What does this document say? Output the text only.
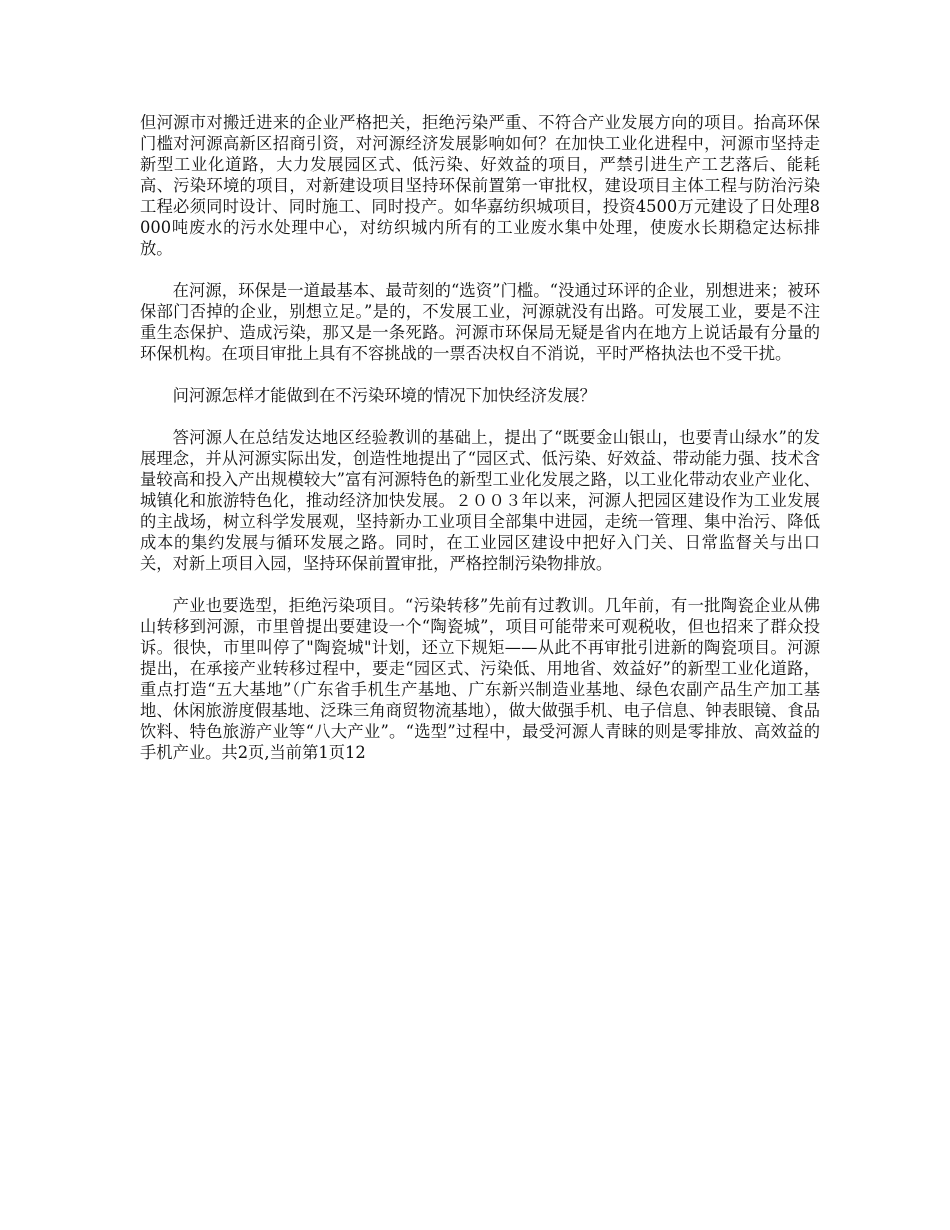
但河源市对搬迁进来的企业严格把关，拒绝污染严重、不符合产业发展方向的项目。抬高环保门槛对河源高新区招商引资，对河源经济发展影响如何？在加快工业化进程中，河源市坚持走新型工业化道路，大力发展园区式、低污染、好效益的项目，严禁引进生产工艺落后、能耗高、污染环境的项目，对新建设项目坚持环保前置第一审批权，建设项目主体工程与防治污染工程必须同时设计、同时施工、同时投产。如华嘉纺织城项目，投资4500万元建设了日处理8000吨废水的污水处理中心，对纺织城内所有的工业废水集中处理，使废水长期稳定达标排放。

在河源，环保是一道最基本、最苛刻的“选资”门槛。“没通过环评的企业，别想进来；被环保部门否掉的企业，别想立足。”是的，不发展工业，河源就没有出路。可发展工业，要是不注重生态保护、造成污染，那又是一条死路。河源市环保局无疑是省内在地方上说话最有分量的环保机构。在项目审批上具有不容挑战的一票否决权自不消说，平时严格执法也不受干扰。

问河源怎样才能做到在不污染环境的情况下加快经济发展？

答河源人在总结发达地区经验教训的基础上，提出了“既要金山银山，也要青山绿水”的发展理念，并从河源实际出发，创造性地提出了“园区式、低污染、好效益、带动能力强、技术含量较高和投入产出规模较大”富有河源特色的新型工业化发展之路，以工业化带动农业产业化、城镇化和旅游特色化，推动经济加快发展。２００３年以来，河源人把园区建设作为工业发展的主战场，树立科学发展观，坚持新办工业项目全部集中进园，走统一管理、集中治污、降低成本的集约发展与循环发展之路。同时，在工业园区建设中把好入门关、日常监督关与出口关，对新上项目入园，坚持环保前置审批，严格控制污染物排放。

产业也要选型，拒绝污染项目。“污染转移”先前有过教训。几年前，有一批陶瓷企业从佛山转移到河源，市里曾提出要建设一个“陶瓷城”，项目可能带来可观税收，但也招来了群众投诉。很快，市里叫停了"陶瓷城"计划，还立下规矩——从此不再审批引进新的陶瓷项目。河源提出，在承接产业转移过程中，要走“园区式、污染低、用地省、效益好”的新型工业化道路，重点打造“五大基地”（广东省手机生产基地、广东新兴制造业基地、绿色农副产品生产加工基地、休闲旅游度假基地、泛珠三角商贸物流基地），做大做强手机、电子信息、钟表眼镜、食品饮料、特色旅游产业等“八大产业”。“选型”过程中，最受河源人青睐的则是零排放、高效益的手机产业。共2页,当前第1页12
